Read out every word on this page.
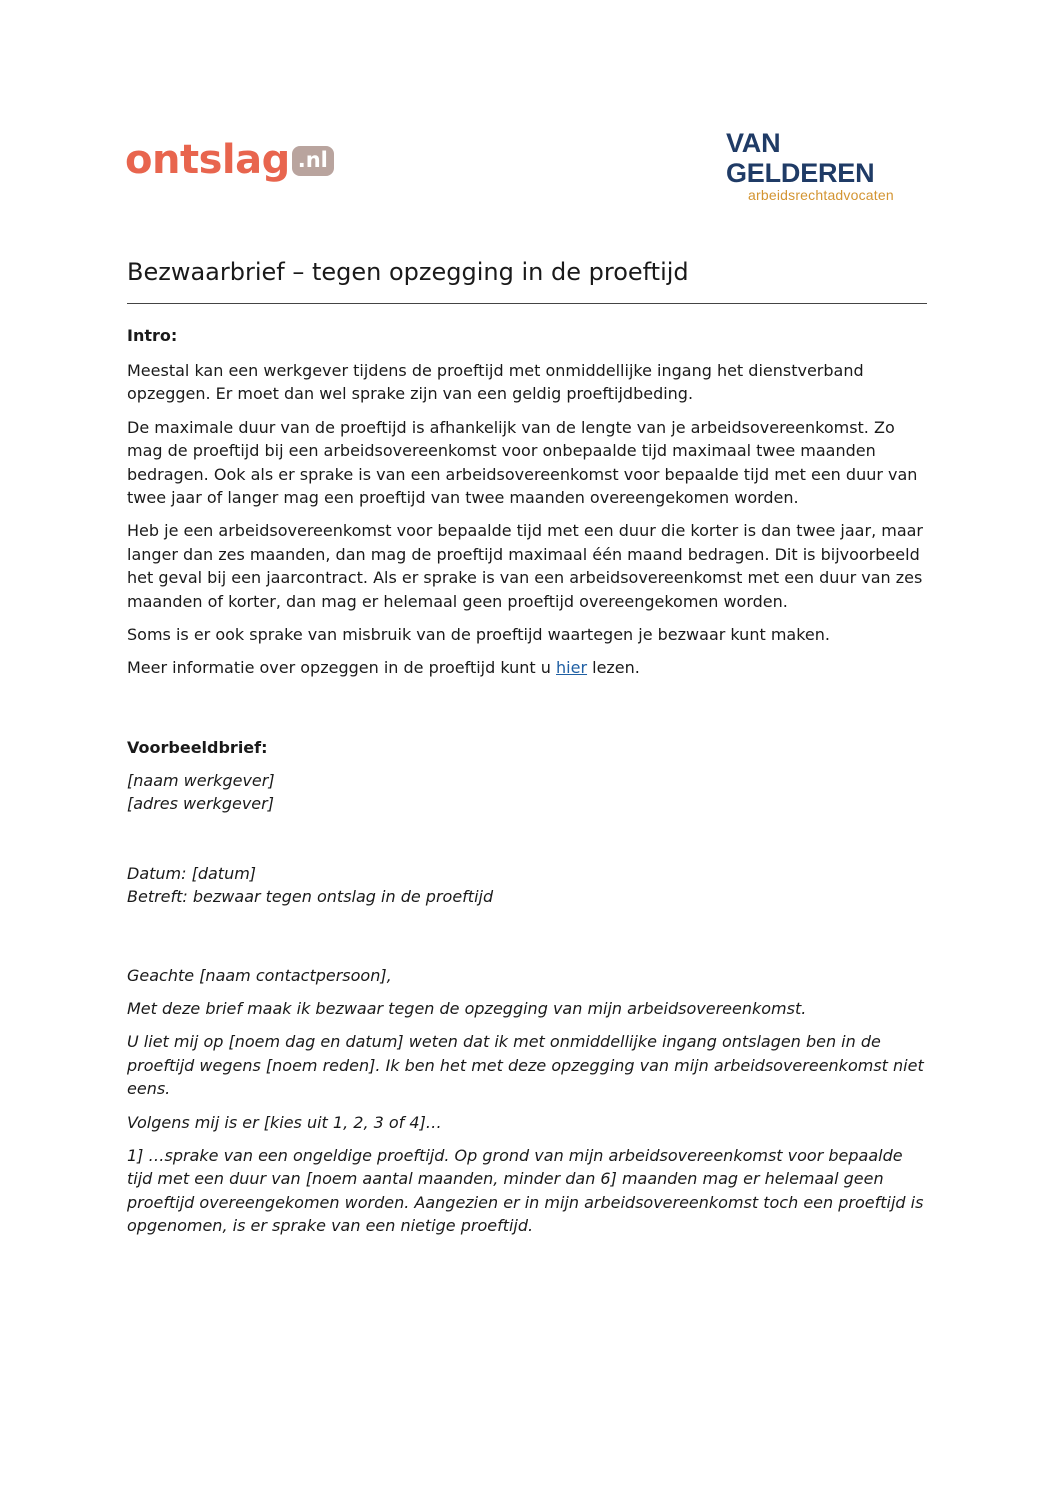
ontslag .nl
VAN GELDEREN
arbeidsrechtadvocaten
Bezwaarbrief – tegen opzegging in de proeftijd
Intro:

Meestal kan een werkgever tijdens de proeftijd met onmiddellijke ingang het dienstverband opzeggen. Er moet dan wel sprake zijn van een geldig proeftijdbeding.

De maximale duur van de proeftijd is afhankelijk van de lengte van je arbeidsovereenkomst. Zo mag de proeftijd bij een arbeidsovereenkomst voor onbepaalde tijd maximaal twee maanden bedragen. Ook als er sprake is van een arbeidsovereenkomst voor bepaalde tijd met een duur van twee jaar of langer mag een proeftijd van twee maanden overeengekomen worden.

Heb je een arbeidsovereenkomst voor bepaalde tijd met een duur die korter is dan twee jaar, maar langer dan zes maanden, dan mag de proeftijd maximaal één maand bedragen. Dit is bijvoorbeeld het geval bij een jaarcontract. Als er sprake is van een arbeidsovereenkomst met een duur van zes maanden of korter, dan mag er helemaal geen proeftijd overeengekomen worden.

Soms is er ook sprake van misbruik van de proeftijd waartegen je bezwaar kunt maken.

Meer informatie over opzeggen in de proeftijd kunt u hier lezen.

Voorbeeldbrief:
[naam werkgever]
[adres werkgever]
Datum: [datum]
Betreft: bezwaar tegen ontslag in de proeftijd

Geachte [naam contactpersoon],

Met deze brief maak ik bezwaar tegen de opzegging van mijn arbeidsovereenkomst.

U liet mij op [noem dag en datum] weten dat ik met onmiddellijke ingang ontslagen ben in de proeftijd wegens [noem reden]. Ik ben het met deze opzegging van mijn arbeidsovereenkomst niet eens.

Volgens mij is er [kies uit 1, 2, 3 of 4]…

1] …sprake van een ongeldige proeftijd. Op grond van mijn arbeidsovereenkomst voor bepaalde tijd met een duur van [noem aantal maanden, minder dan 6] maanden mag er helemaal geen proeftijd overeengekomen worden. Aangezien er in mijn arbeidsovereenkomst toch een proeftijd is opgenomen, is er sprake van een nietige proeftijd.
